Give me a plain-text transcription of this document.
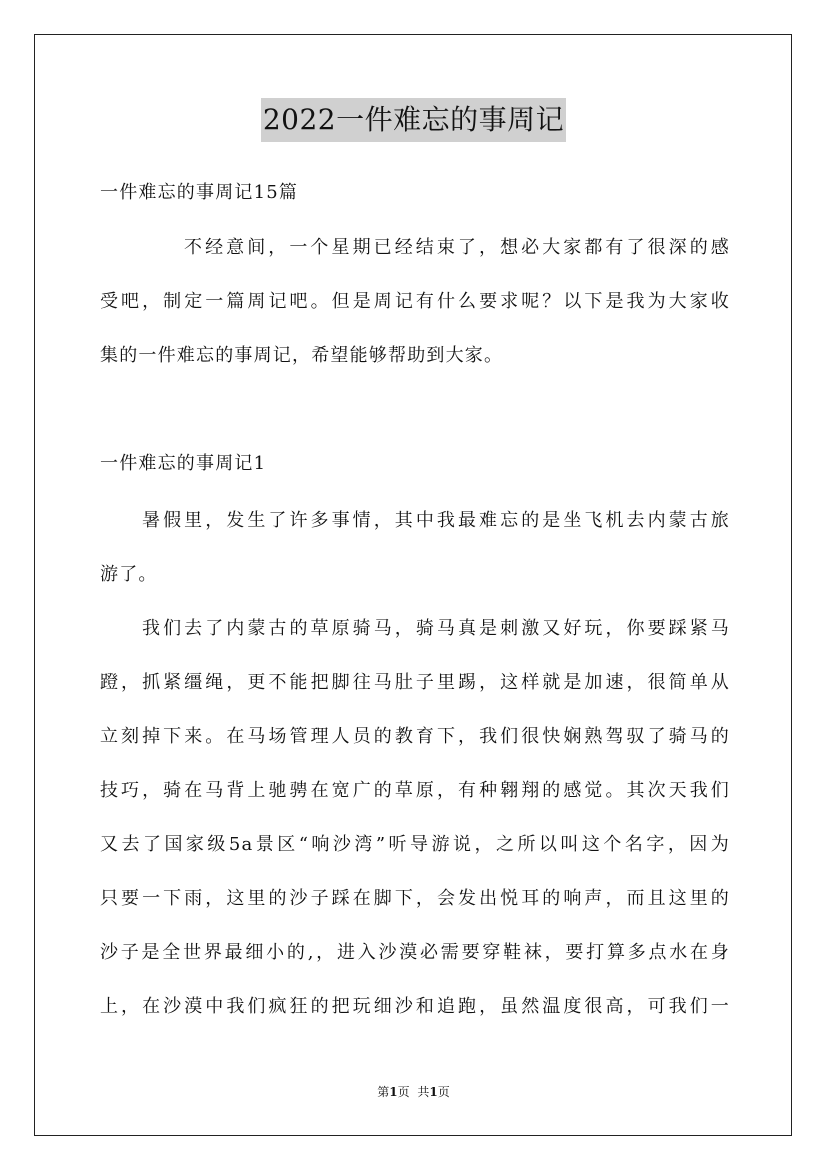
2022一件难忘的事周记
一件难忘的事周记15篇
不经意间，一个星期已经结束了，想必大家都有了很深的感
受吧，制定一篇周记吧。但是周记有什么要求呢？以下是我为大家收
集的一件难忘的事周记，希望能够帮助到大家。
一件难忘的事周记1
暑假里，发生了许多事情，其中我最难忘的是坐飞机去内蒙古旅
游了。
我们去了内蒙古的草原骑马，骑马真是刺激又好玩，你要踩紧马
蹬，抓紧缰绳，更不能把脚往马肚子里踢，这样就是加速，很简单从
立刻掉下来。在马场管理人员的教育下，我们很快娴熟驾驭了骑马的
技巧，骑在马背上驰骋在宽广的草原，有种翱翔的感觉。其次天我们
又去了国家级5a景区“响沙湾”听导游说，之所以叫这个名字，因为
只要一下雨，这里的沙子踩在脚下，会发出悦耳的响声，而且这里的
沙子是全世界最细小的,，进入沙漠必需要穿鞋袜，要打算多点水在身
上，在沙漠中我们疯狂的把玩细沙和追跑，虽然温度很高，可我们一
第1页 共1页
